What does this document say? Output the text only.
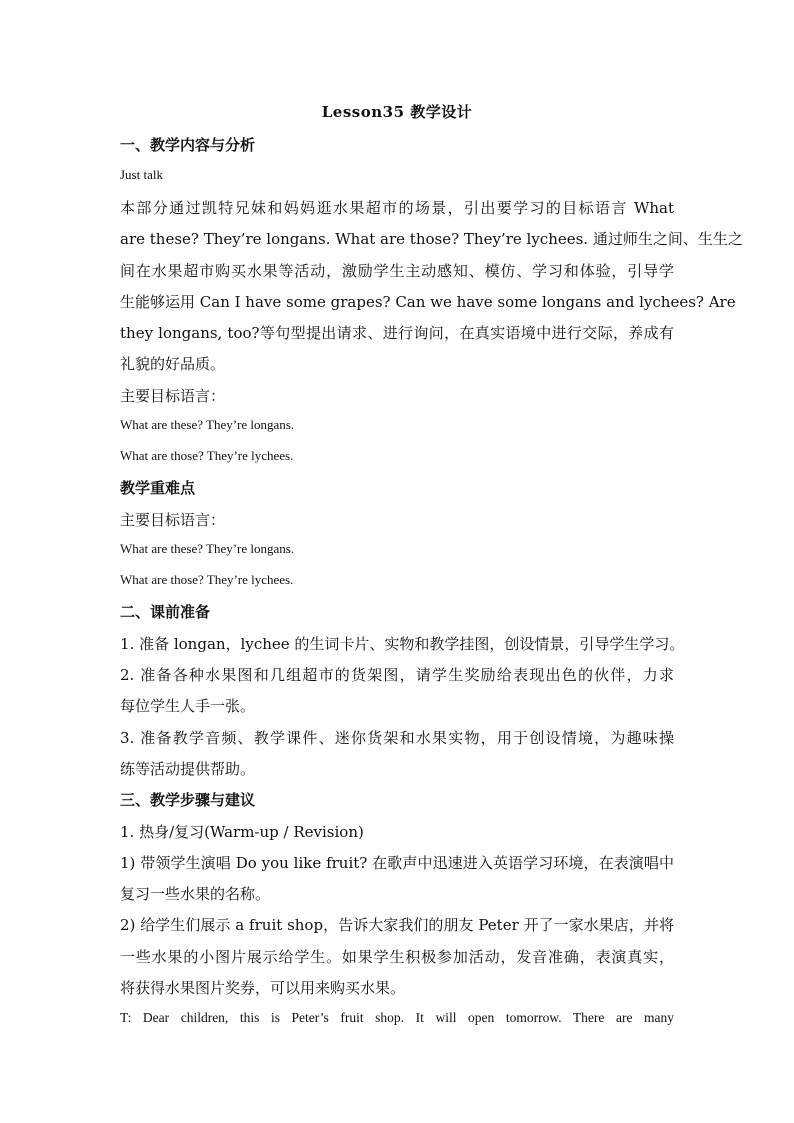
Lesson35 教学设计
一、教学内容与分析
Just talk
本部分通过凯特兄妹和妈妈逛水果超市的场景，引出要学习的目标语言 What
are these? They’re longans. What are those? They’re lychees. 通过师生之间、生生之
间在水果超市购买水果等活动，激励学生主动感知、模仿、学习和体验，引导学
生能够运用 Can I have some grapes? Can we have some longans and lychees? Are
they longans, too?等句型提出请求、进行询问，在真实语境中进行交际，养成有
礼貌的好品质。
主要目标语言：
What are these? They’re longans.
What are those? They’re lychees.
教学重难点
主要目标语言：
What are these? They’re longans.
What are those? They’re lychees.
二、课前准备
1. 准备 longan，lychee 的生词卡片、实物和教学挂图，创设情景，引导学生学习。
2. 准备各种水果图和几组超市的货架图，请学生奖励给表现出色的伙伴，力求
每位学生人手一张。
3. 准备教学音频、教学课件、迷你货架和水果实物，用于创设情境，为趣味操
练等活动提供帮助。
三、教学步骤与建议
1. 热身/复习(Warm-up / Revision)
1) 带领学生演唱 Do you like fruit? 在歌声中迅速进入英语学习环境，在表演唱中
复习一些水果的名称。
2) 给学生们展示 a fruit shop，告诉大家我们的朋友 Peter 开了一家水果店，并将
一些水果的小图片展示给学生。如果学生积极参加活动，发音准确，表演真实，
将获得水果图片奖券，可以用来购买水果。
T: Dear children, this is Peter’s fruit shop. It will open tomorrow. There are many
